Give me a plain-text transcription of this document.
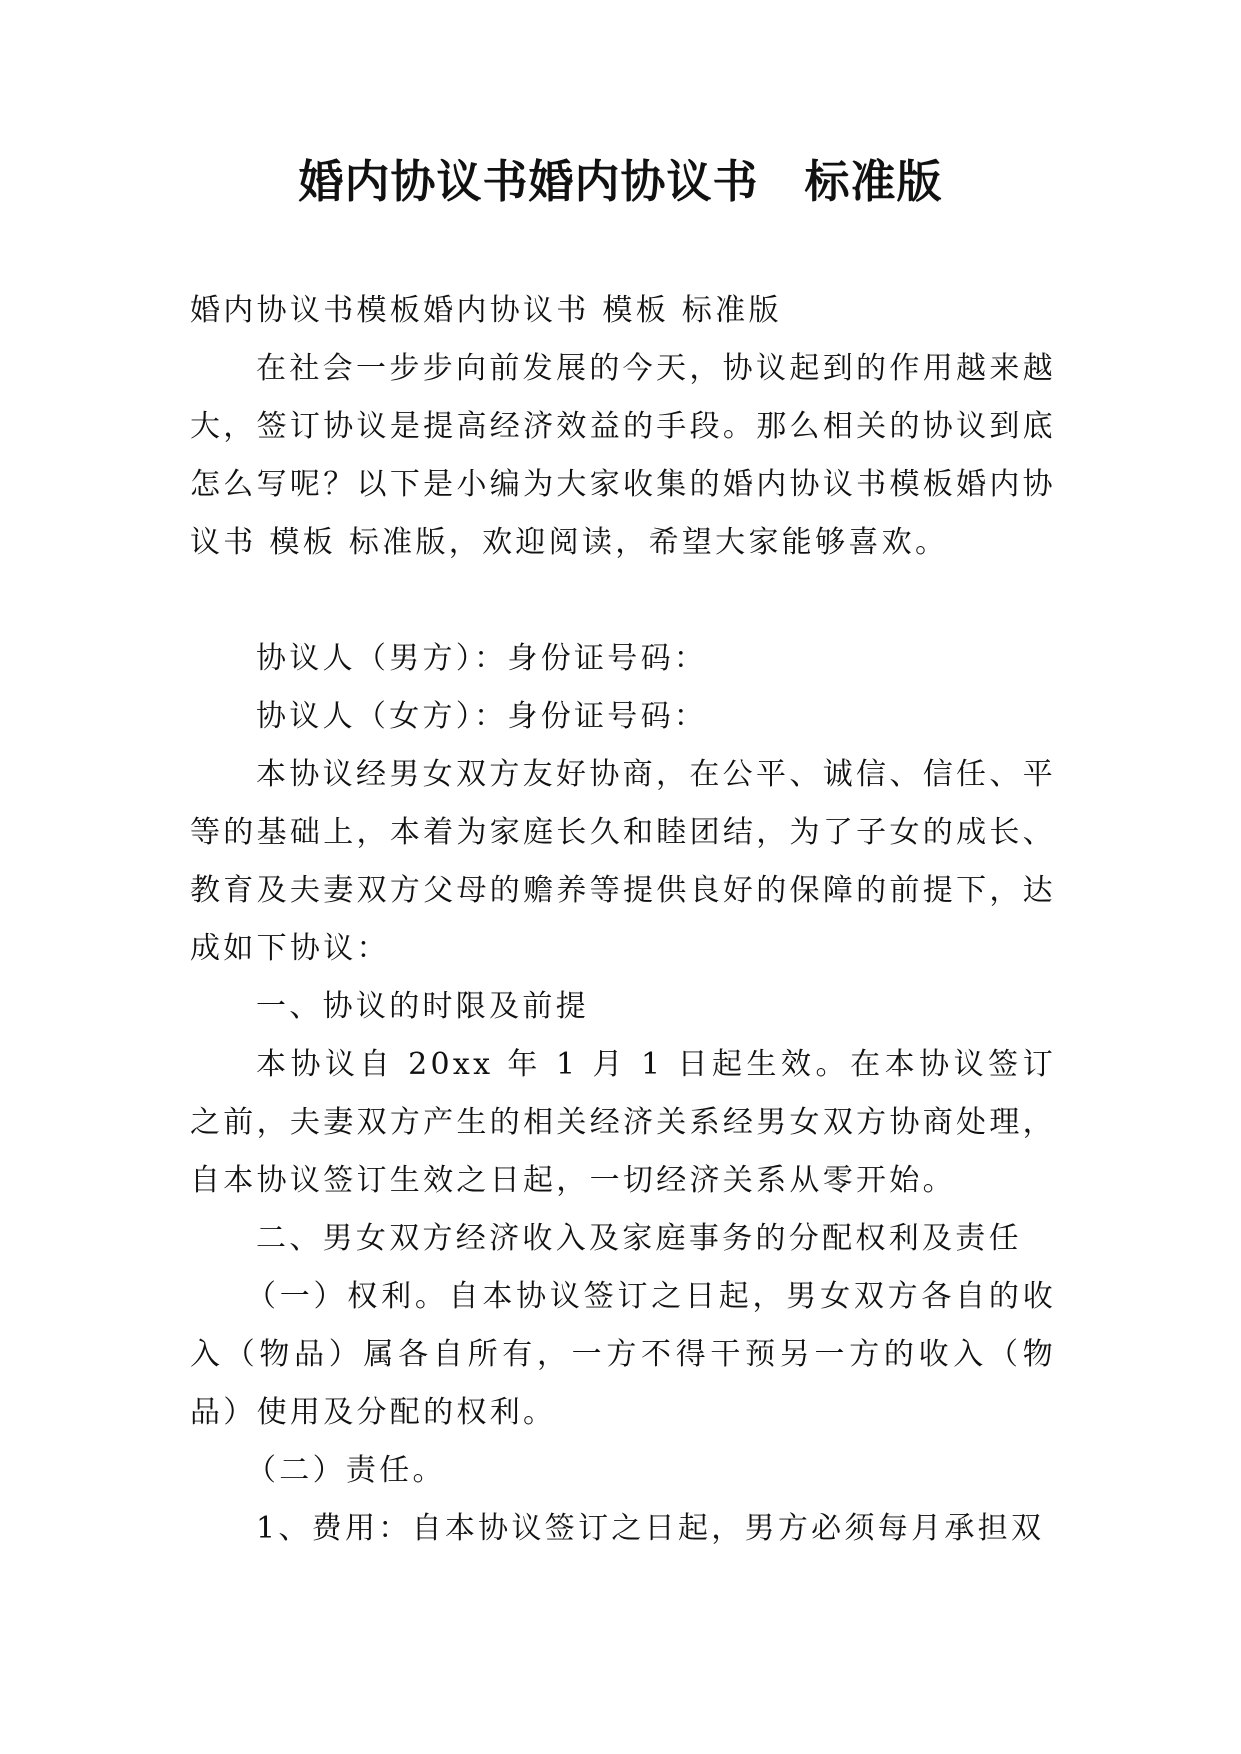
婚内协议书婚内协议书　标准版

婚内协议书模板婚内协议书 模板 标准版

在社会一步步向前发展的今天，协议起到的作用越来越大，签订协议是提高经济效益的手段。那么相关的协议到底怎么写呢？以下是小编为大家收集的婚内协议书模板婚内协议书 模板 标准版，欢迎阅读，希望大家能够喜欢。

协议人（男方）：身份证号码：

协议人（女方）：身份证号码：

本协议经男女双方友好协商，在公平、诚信、信任、平等的基础上，本着为家庭长久和睦团结，为了子女的成长、教育及夫妻双方父母的赡养等提供良好的保障的前提下，达成如下协议：

一、协议的时限及前提

本协议自 20xx 年 1 月 1 日起生效。在本协议签订之前，夫妻双方产生的相关经济关系经男女双方协商处理，自本协议签订生效之日起，一切经济关系从零开始。

二、男女双方经济收入及家庭事务的分配权利及责任

（一）权利。自本协议签订之日起，男女双方各自的收入（物品）属各自所有，一方不得干预另一方的收入（物品）使用及分配的权利。

（二）责任。

1、费用：自本协议签订之日起，男方必须每月承担双
